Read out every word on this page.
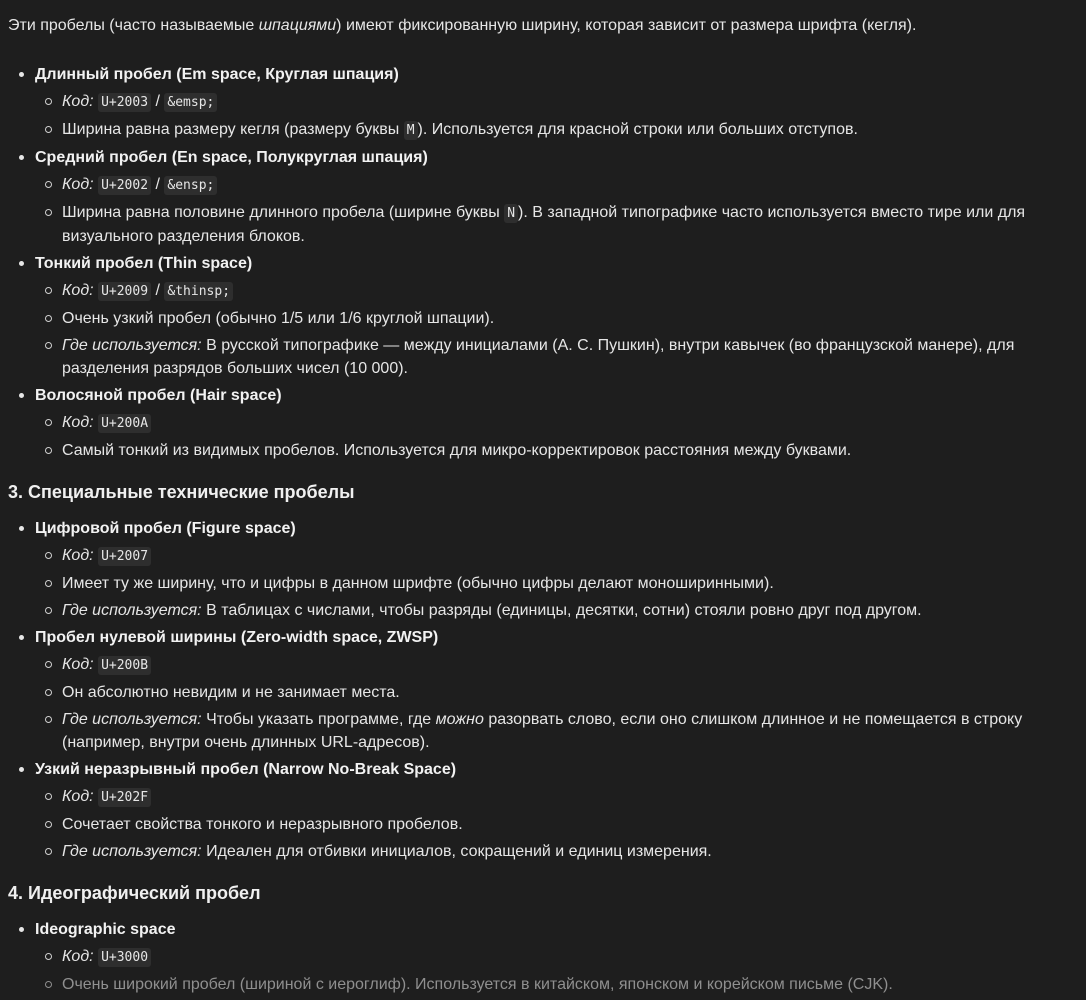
Эти пробелы (часто называемые шпациями) имеют фиксированную ширину, которая зависит от размера шрифта (кегля).

Длинный пробел (Em space, Круглая шпация)
Код: U+2003 / &emsp;
Ширина равна размеру кегля (размеру буквы M ). Используется для красной строки или больших отступов.
Средний пробел (En space, Полукруглая шпация)
Код: U+2002 / &ensp;
Ширина равна половине длинного пробела (ширине буквы N ). В западной типографике часто используется вместо тире или для визуального разделения блоков.
Тонкий пробел (Thin space)
Код: U+2009 / &thinsp;
Очень узкий пробел (обычно 1/5 или 1/6 круглой шпации).
Где используется: В русской типографике — между инициалами (А. С. Пушкин), внутри кавычек (во французской манере), для разделения разрядов больших чисел (10 000).
Волосяной пробел (Hair space)
Код: U+200A
Самый тонкий из видимых пробелов. Используется для микро-корректировок расстояния между буквами.
3. Специальные технические пробелы
Цифровой пробел (Figure space)
Код: U+2007
Имеет ту же ширину, что и цифры в данном шрифте (обычно цифры делают моноширинными).
Где используется: В таблицах с числами, чтобы разряды (единицы, десятки, сотни) стояли ровно друг под другом.
Пробел нулевой ширины (Zero-width space, ZWSP)
Код: U+200B
Он абсолютно невидим и не занимает места.
Где используется: Чтобы указать программе, где можно разорвать слово, если оно слишком длинное и не помещается в строку (например, внутри очень длинных URL-адресов).
Узкий неразрывный пробел (Narrow No-Break Space)
Код: U+202F
Сочетает свойства тонкого и неразрывного пробелов.
Где используется: Идеален для отбивки инициалов, сокращений и единиц измерения.
4. Идеографический пробел
Ideographic space
Код: U+3000
Очень широкий пробел (шириной с иероглиф). Используется в китайском, японском и корейском письме (CJK).
